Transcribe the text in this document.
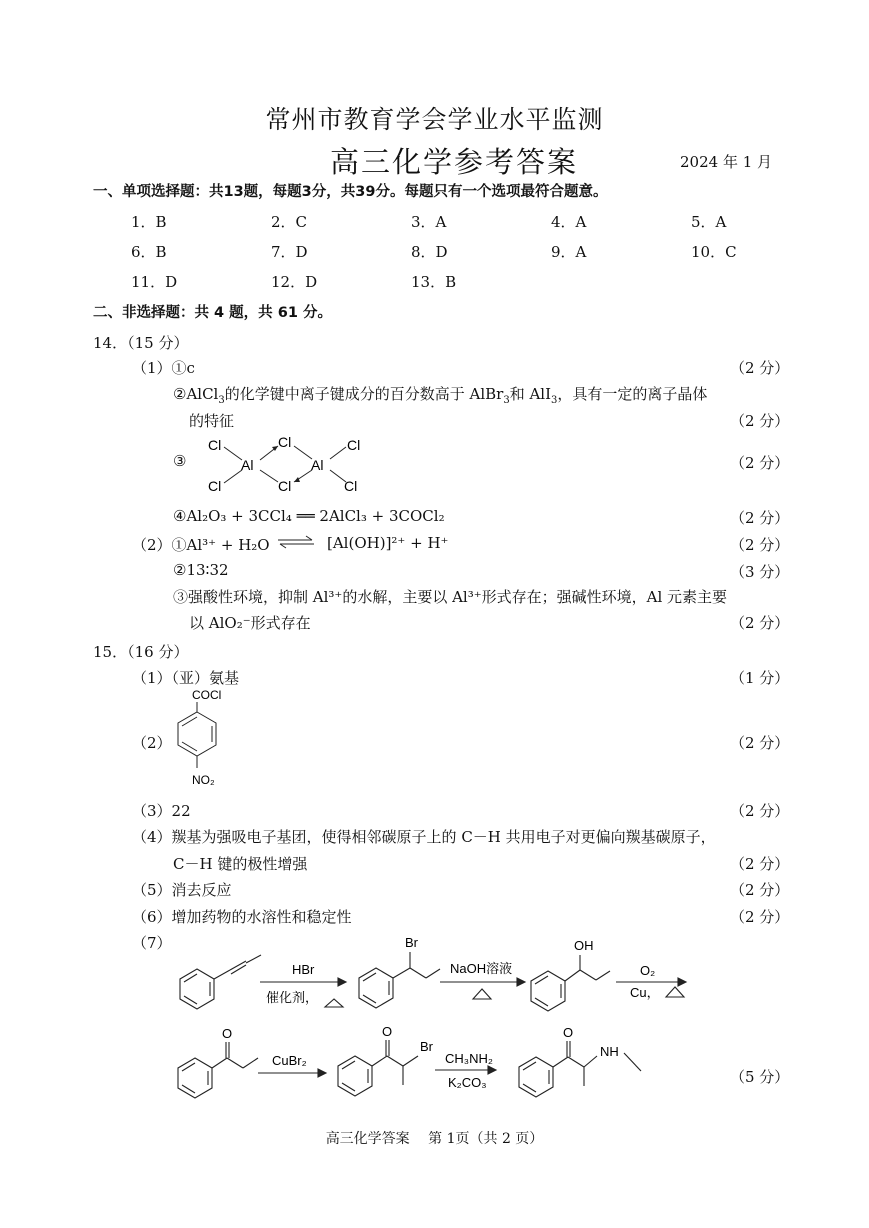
常州市教育学会学业水平监测
高三化学参考答案	2024 年 1 月
一、单项选择题：共13题，每题3分，共39分。每题只有一个选项最符合题意。
1．B	2．C	3．A	4．A	5．A
6．B	7．D	8．D	9．A	10．C
11．D	12．D	13．B
二、非选择题：共 4 题，共 61 分。
14．（15 分）
（1）①c	（2 分）
②AlCl$_3$的化学键中离子键成分的百分数高于 AlBr$_3$和 AlI$_3$，具有一定的离子晶体
的特征	（2 分）
③
Cl	Cl	Cl
Al	Al
Cl	Cl	Cl
（2 分）
④Al₂O₃ + 3CCl₄ ══ 2AlCl₃ + 3COCl₂	（2 分）
（2）①Al³⁺ + H₂O ⇌ [Al(OH)]²⁺ + H⁺	（2 分）
②13∶32	（3 分）
③强酸性环境，抑制 Al³⁺的水解，主要以 Al³⁺形式存在；强碱性环境，Al 元素主要
以 AlO₂⁻形式存在	（2 分）
15．（16 分）
（1）（亚）氨基	（1 分）
（2）
COCl
NO₂
（2 分）
（3）22	（2 分）
（4）羰基为强吸电子基团，使得相邻碳原子上的 C－H 共用电子对更偏向羰基碳原子，
C－H 键的极性增强	（2 分）
（5）消去反应	（2 分）
（6）增加药物的水溶性和稳定性	（2 分）
（7）
HBr
催化剂，
Br
NaOH溶液
OH
O₂
Cu，
O
CuBr₂
O
Br
CH₃NH₂
K₂CO₃
O
NH
（5 分）
高三化学答案　 第 1页（共 2 页）
